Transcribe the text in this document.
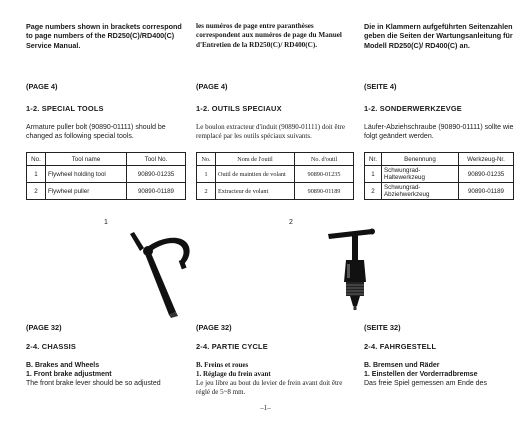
Page numbers shown in brackets correspond to page numbers of the RD250(C)/RD400(C) Service Manual.

(PAGE 4)

1-2. SPECIAL TOOLS

Armature puller bolt (90890-01111) should be changed as following special tools.

No.	Tool name	Tool No.
1	Flywheel holding tool	90890-01235
2	Flywheel puller	90890-01189

(PAGE 32)

2-4. CHASSIS

B. Brakes and Wheels

1. Front brake adjustment

The front brake lever should be so adjusted

les numéros de page entre paranthèses correspondent aux numéros de page du Manuel d'Entretien de la RD250(C)/ RD400(C).

(PAGE 4)

1-2. OUTILS SPECIAUX

Le boulon extracteur d'induit (90890-01111) doit être remplacé par les outils spéciaux suivants.

No.	Nom de l'outil	No. d'outil
1	Outil de maintien de volant	90890-01235
2	Extracteur de volant	90890-01189

(PAGE 32)

2-4. PARTIE CYCLE

B. Freins et roues

1. Réglage du frein avant

Le jeu libre au bout du levier de frein avant doit être réglé de 5~8 mm.

Die in Klammern aufgeführten Seitenzahlen geben die Seiten der Wartungsanleitung für Modell RD250(C)/ RD400(C) an.

(SEITE 4)

1-2. SONDERWERKZEVGE

Läufer-Abziehschraube (90890-01111) sollte wie folgt geändert werden.

Nr.	Benennung	Werkzeug-Nr.
1	Schwungrad-Haltewerkzeug	90890-01235
2	Schwungrad-Abziehwerkzeug	90890-01189

(SEITE 32)

2-4. FAHRGESTELL

B. Bremsen und Räder

1. Einstellen der Vorderradbremse

Das freie Spiel gemessen am Ende des

1	2
–1–
